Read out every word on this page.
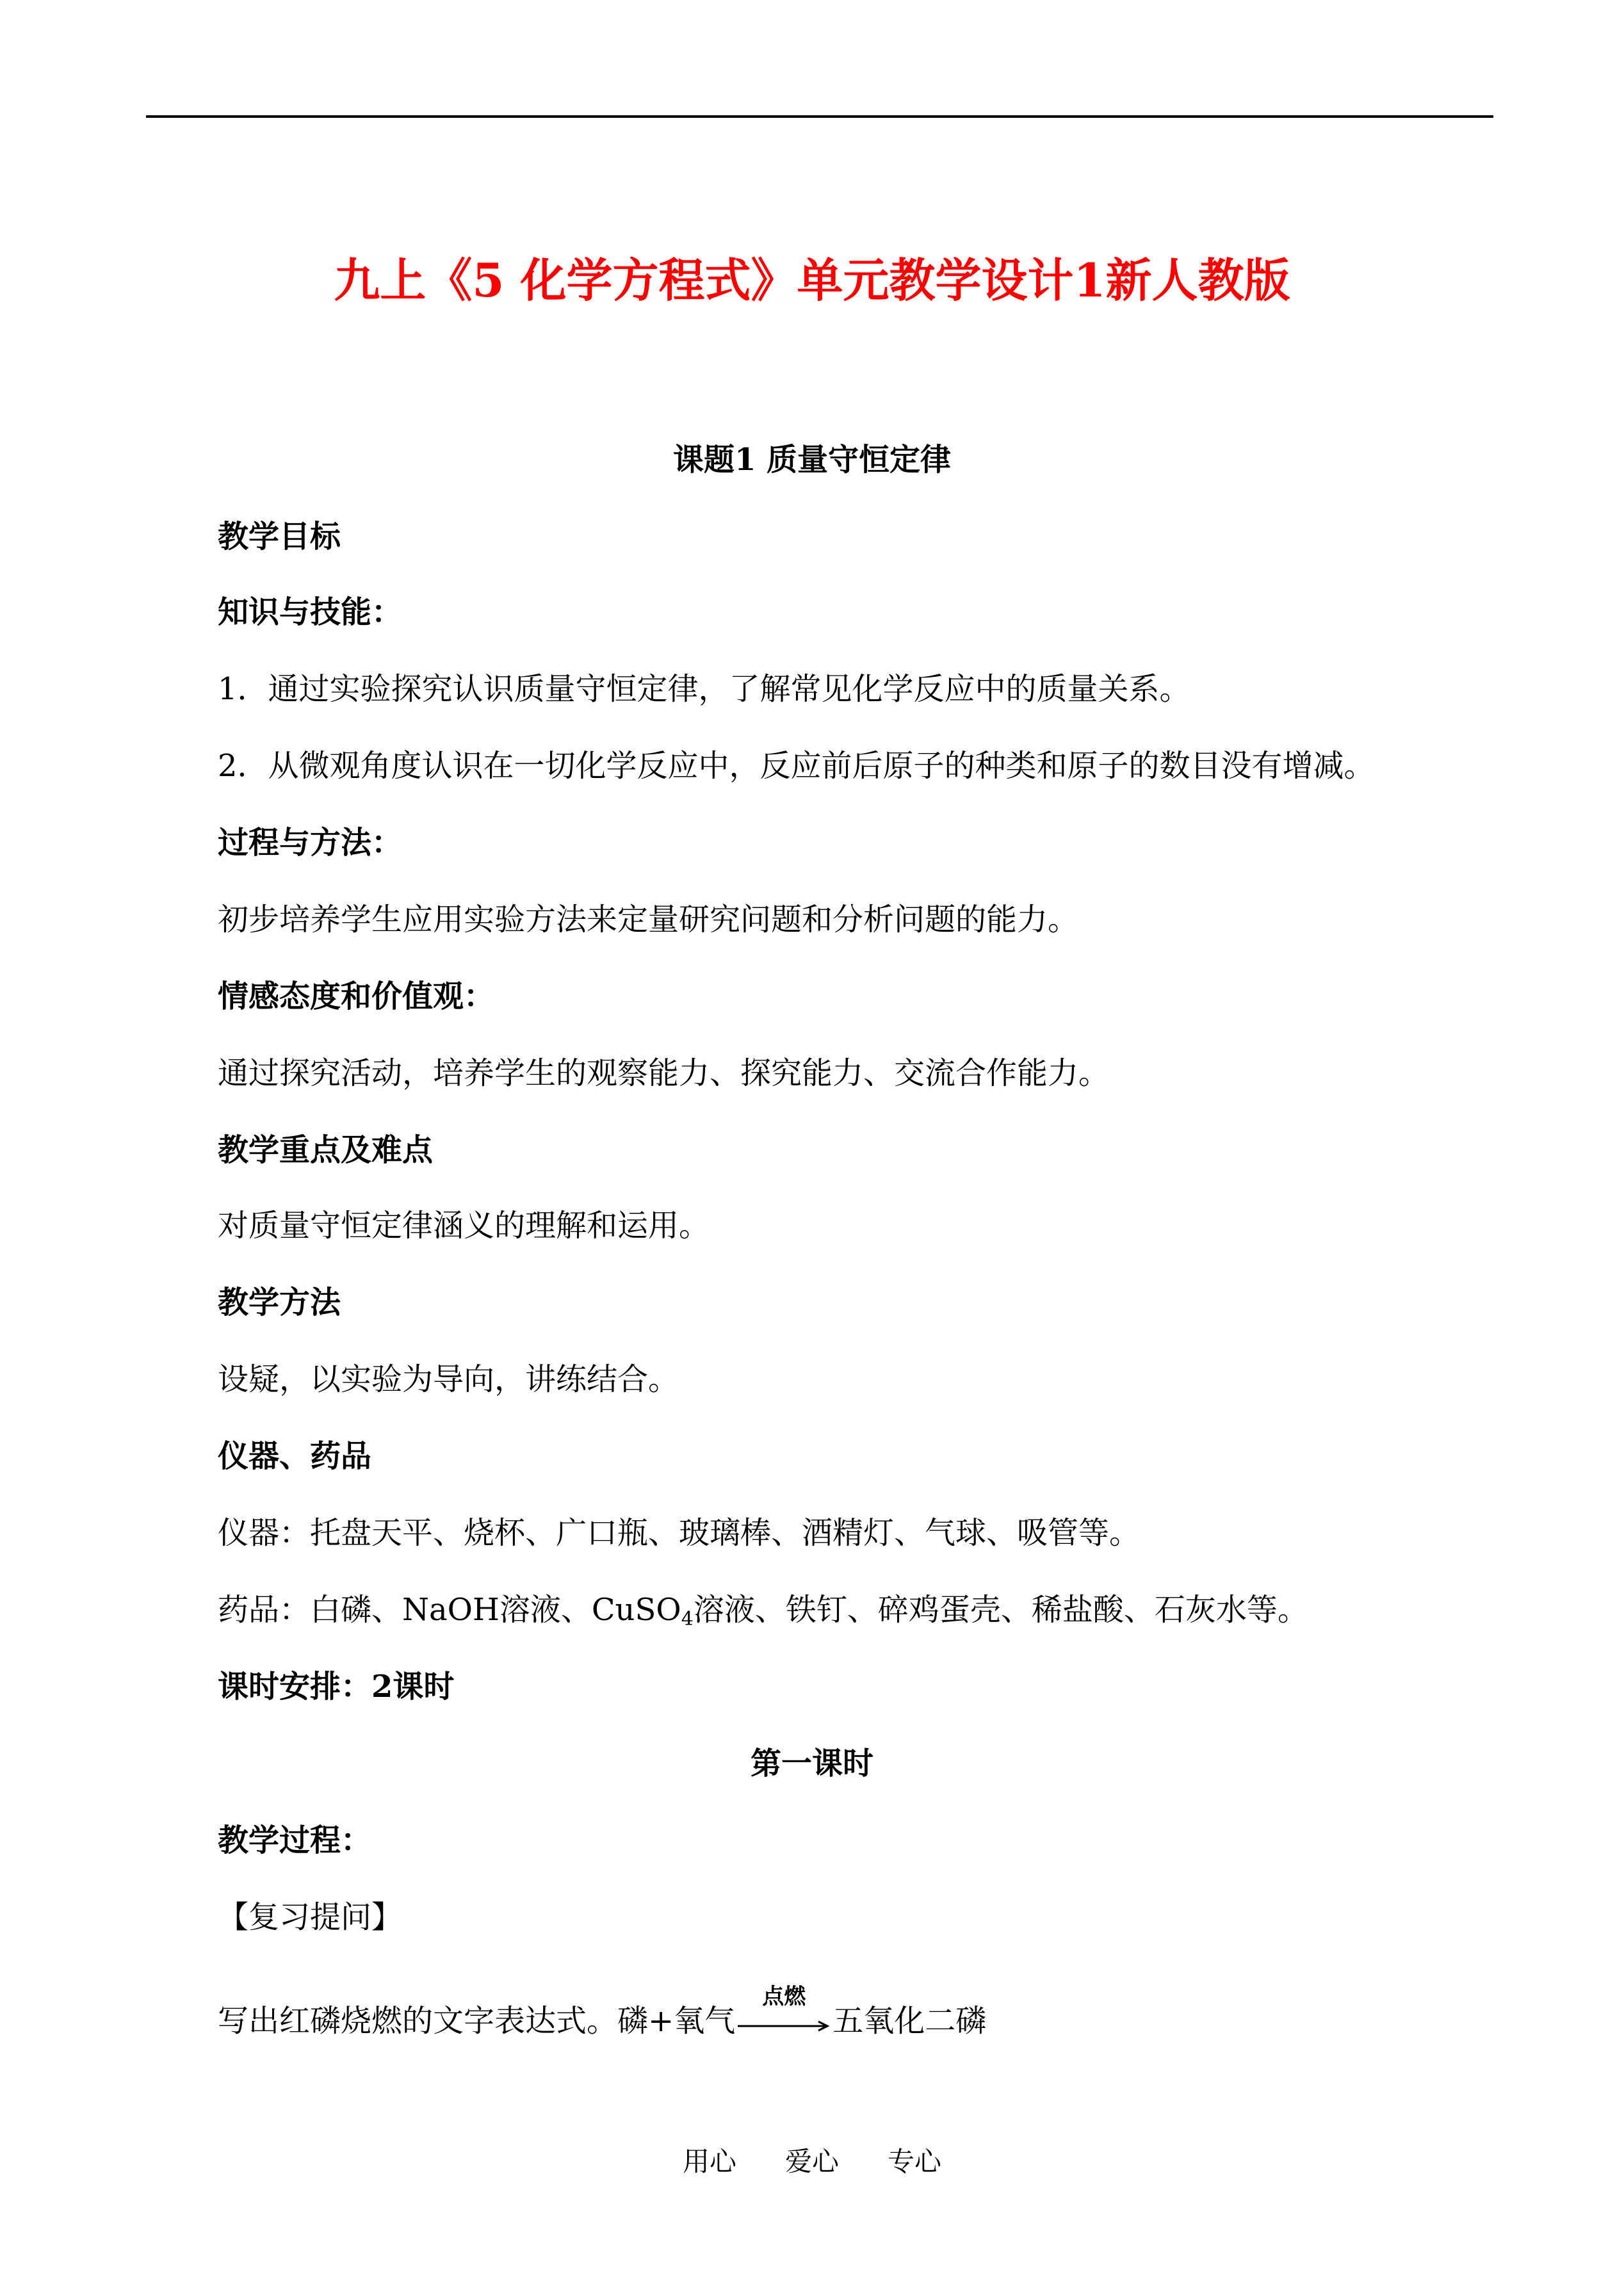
九上《5 化学方程式》单元教学设计1新人教版
课题1 质量守恒定律
教学目标
知识与技能：
1．通过实验探究认识质量守恒定律，了解常见化学反应中的质量关系。
2．从微观角度认识在一切化学反应中，反应前后原子的种类和原子的数目没有增减。
过程与方法：
初步培养学生应用实验方法来定量研究问题和分析问题的能力。
情感态度和价值观：
通过探究活动，培养学生的观察能力、探究能力、交流合作能力。
教学重点及难点
对质量守恒定律涵义的理解和运用。
教学方法
设疑，以实验为导向，讲练结合。
仪器、药品
仪器：托盘天平、烧杯、广口瓶、玻璃棒、酒精灯、气球、吸管等。
药品：白磷、NaOH溶液、CuSO$_4$溶液、铁钉、碎鸡蛋壳、稀盐酸、石灰水等。
课时安排：2课时
第一课时
教学过程：
【复习提问】
写出红磷烧燃的文字表达式。磷+氧气
点燃
五氧化二磷
用心 爱心 专心
